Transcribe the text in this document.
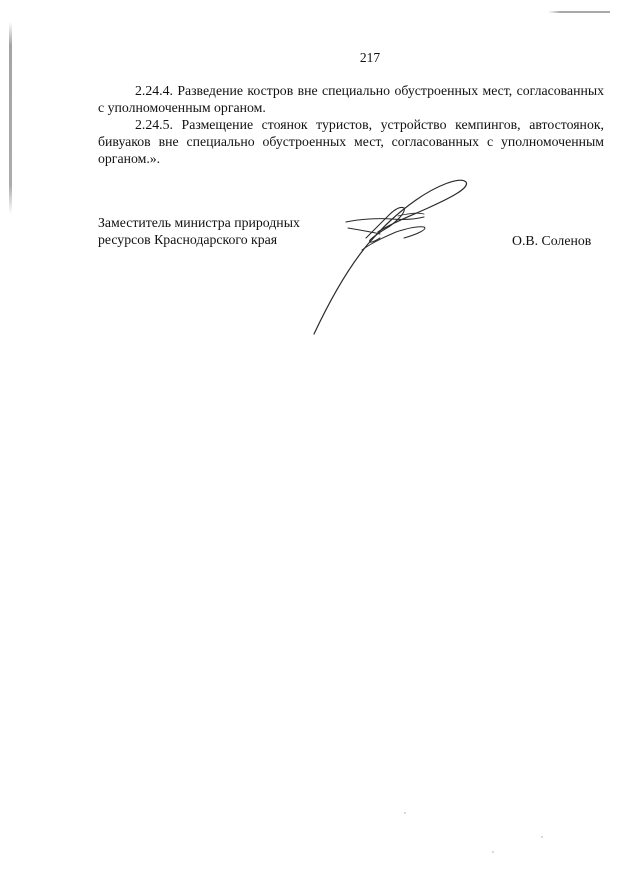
217

2.24.4. Разведение костров вне специально обустроенных мест, согласованных с уполномоченным органом.

2.24.5. Размещение стоянок туристов, устройство кемпингов, автостоянок, бивуаков вне специально обустроенных мест, согласованных с уполномоченным органом.».

Заместитель министра природных
ресурсов Краснодарского края	О.В. Соленов
